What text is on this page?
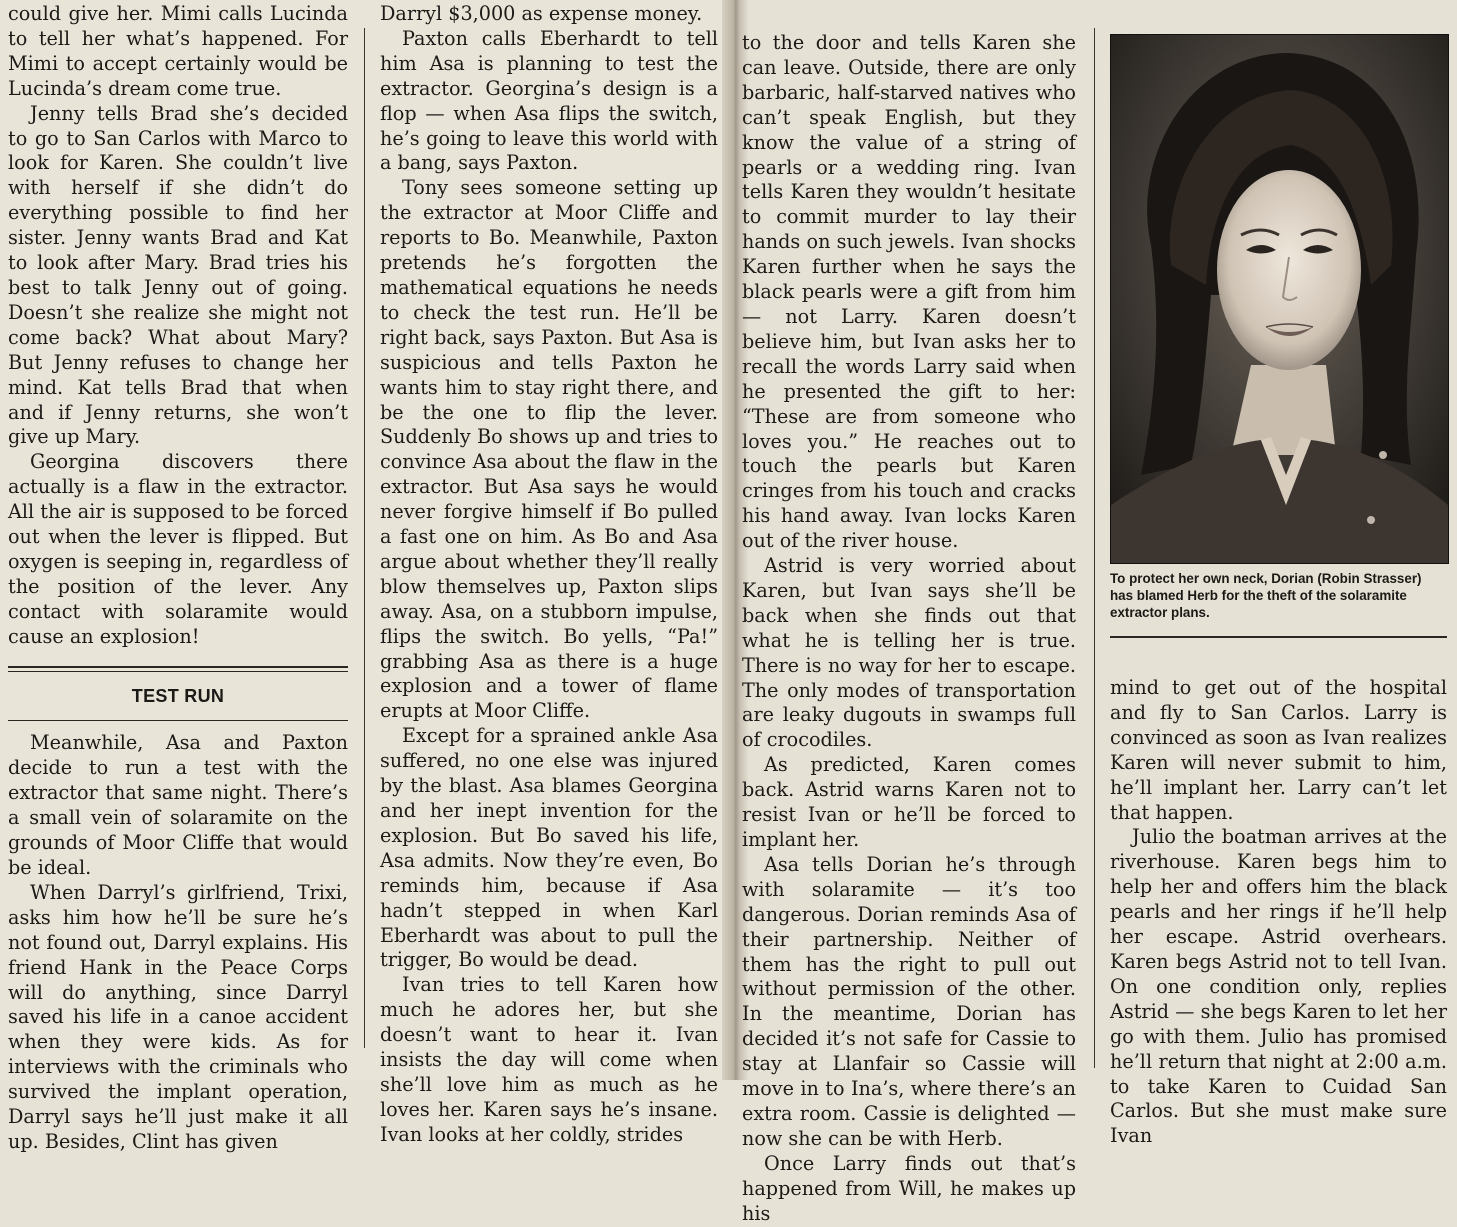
could give her. Mimi calls Lucinda to tell her what’s happened. For Mimi to accept certainly would be Lucinda’s dream come true.

Jenny tells Brad she’s decided to go to San Carlos with Marco to look for Karen. She couldn’t live with herself if she didn’t do everything possible to find her sister. Jenny wants Brad and Kat to look after Mary. Brad tries his best to talk Jenny out of going. Doesn’t she realize she might not come back? What about Mary? But Jenny refuses to change her mind. Kat tells Brad that when and if Jenny returns, she won’t give up Mary.

Georgina discovers there actually is a flaw in the extractor. All the air is supposed to be forced out when the lever is flipped. But oxygen is seeping in, regardless of the position of the lever. Any contact with solaramite would cause an explosion!

TEST RUN

Meanwhile, Asa and Paxton decide to run a test with the extractor that same night. There’s a small vein of solaramite on the grounds of Moor Cliffe that would be ideal.

When Darryl’s girlfriend, Trixi, asks him how he’ll be sure he’s not found out, Darryl explains. His friend Hank in the Peace Corps will do anything, since Darryl saved his life in a canoe accident when they were kids. As for interviews with the criminals who survived the implant operation, Darryl says he’ll just make it all up. Besides, Clint has given

Darryl $3,000 as expense money.

Paxton calls Eberhardt to tell him Asa is planning to test the extractor. Georgina’s design is a flop — when Asa flips the switch, he’s going to leave this world with a bang, says Paxton.

Tony sees someone setting up the extractor at Moor Cliffe and reports to Bo. Meanwhile, Paxton pretends he’s forgotten the mathematical equations he needs to check the test run. He’ll be right back, says Paxton. But Asa is suspicious and tells Paxton he wants him to stay right there, and be the one to flip the lever. Suddenly Bo shows up and tries to convince Asa about the flaw in the extractor. But Asa says he would never forgive himself if Bo pulled a fast one on him. As Bo and Asa argue about whether they’ll really blow themselves up, Paxton slips away. Asa, on a stubborn impulse, flips the switch. Bo yells, “Pa!” grabbing Asa as there is a huge explosion and a tower of flame erupts at Moor Cliffe.

Except for a sprained ankle Asa suffered, no one else was injured by the blast. Asa blames Georgina and her inept invention for the explosion. But Bo saved his life, Asa admits. Now they’re even, Bo reminds him, because if Asa hadn’t stepped in when Karl Eberhardt was about to pull the trigger, Bo would be dead.

Ivan tries to tell Karen how much he adores her, but she doesn’t want to hear it. Ivan insists the day will come when she’ll love him as much as he loves her. Karen says he’s insane. Ivan looks at her coldly, strides

to the door and tells Karen she can leave. Outside, there are only barbaric, half-starved natives who can’t speak English, but they know the value of a string of pearls or a wedding ring. Ivan tells Karen they wouldn’t hesitate to commit murder to lay their hands on such jewels. Ivan shocks Karen further when he says the black pearls were a gift from him — not Larry. Karen doesn’t believe him, but Ivan asks her to recall the words Larry said when he presented the gift to her: “These are from someone who loves you.” He reaches out to touch the pearls but Karen cringes from his touch and cracks his hand away. Ivan locks Karen out of the river house.

Astrid is very worried about Karen, but Ivan says she’ll be back when she finds out that what he is telling her is true. There is no way for her to escape. The only modes of transportation are leaky dugouts in swamps full of crocodiles.

As predicted, Karen comes back. Astrid warns Karen not to resist Ivan or he’ll be forced to implant her.

Asa tells Dorian he’s through with solaramite — it’s too dangerous. Dorian reminds Asa of their partnership. Neither of them has the right to pull out without permission of the other. In the meantime, Dorian has decided it’s not safe for Cassie to stay at Llanfair so Cassie will move in to Ina’s, where there’s an extra room. Cassie is delighted — now she can be with Herb.

Once Larry finds out that’s happened from Will, he makes up his

To protect her own neck, Dorian (Robin Strasser) has blamed Herb for the theft of the solaramite extractor plans.

mind to get out of the hospital and fly to San Carlos. Larry is convinced as soon as Ivan realizes Karen will never submit to him, he’ll implant her. Larry can’t let that happen.

Julio the boatman arrives at the riverhouse. Karen begs him to help her and offers him the black pearls and her rings if he’ll help her escape. Astrid overhears. Karen begs Astrid not to tell Ivan. On one condition only, replies Astrid — she begs Karen to let her go with them. Julio has promised he’ll return that night at 2:00 a.m. to take Karen to Cuidad San Carlos. But she must make sure Ivan
